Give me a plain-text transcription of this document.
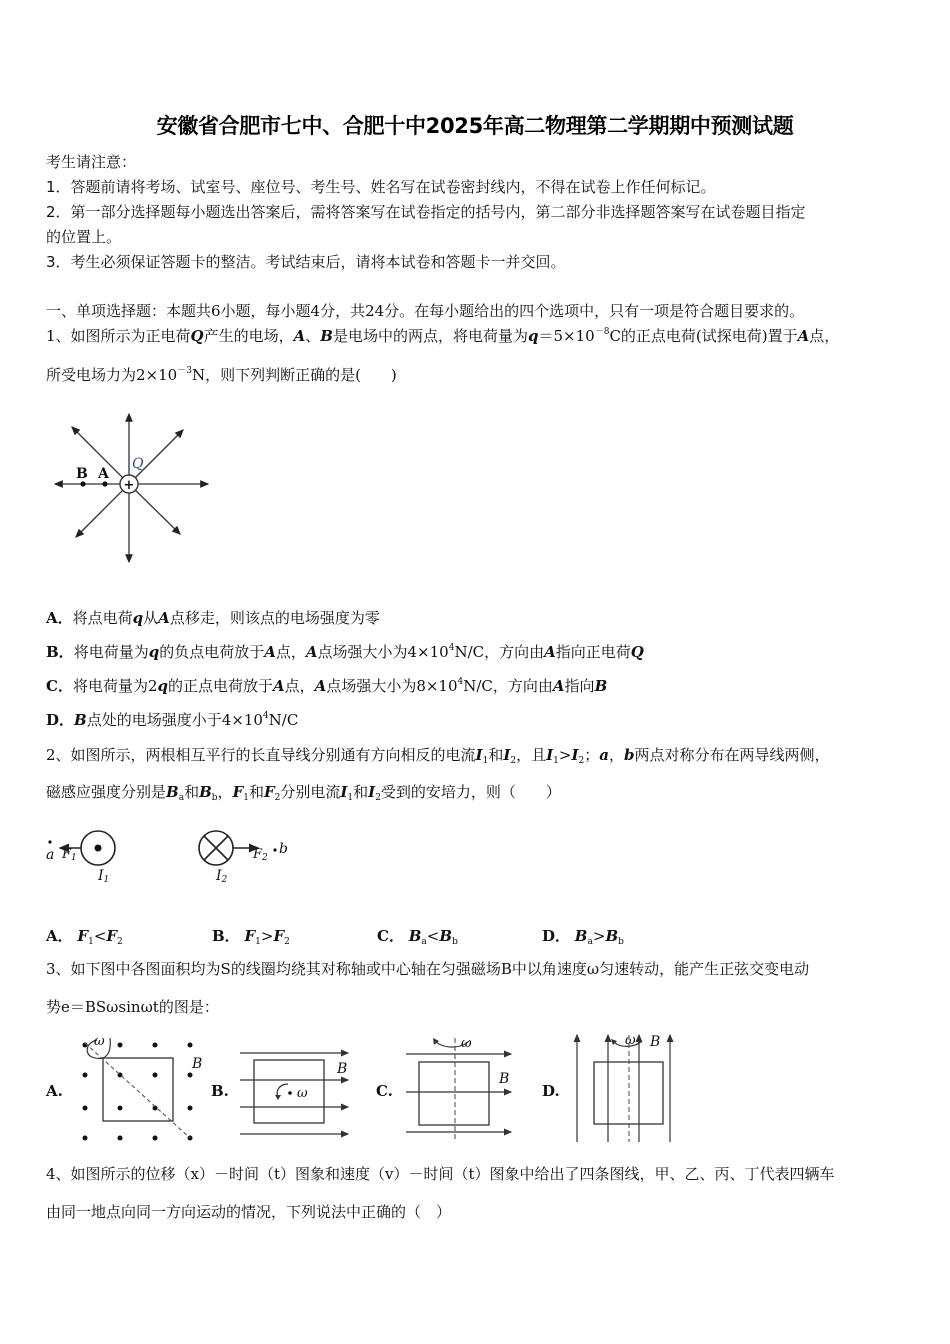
安徽省合肥市七中、合肥十中2025年高二物理第二学期期中预测试题
考生请注意：
1．答题前请将考场、试室号、座位号、考生号、姓名写在试卷密封线内，不得在试卷上作任何标记。
2．第一部分选择题每小题选出答案后，需将答案写在试卷指定的括号内，第二部分非选择题答案写在试卷题目指定
的位置上。
3．考生必须保证答题卡的整洁。考试结束后，请将本试卷和答题卡一并交回。
一、单项选择题：本题共6小题，每小题4分，共24分。在每小题给出的四个选项中，只有一项是符合题目要求的。
1、如图所示为正电荷Q产生的电场，A、B是电场中的两点，将电荷量为$q=5\times 10^{-8}C$的正点电荷(试探电荷)置于A点，
所受电场力为$2\times 10^{-3}N$，则下列判断正确的是(　　)
+
B A
Q
A．将点电荷q从A点移走，则该点的电场强度为零
B．将电荷量为q的负点电荷放于A点，A点场强大小为$4\times 10^4N/C$，方向由A指向正电荷Q
C．将电荷量为2q的正点电荷放于A点，A点场强大小为$8\times 10^4N/C$，方向由A指向B
D．B点处的电场强度小于$4\times 10^4N/C$
2、如图所示，两根相互平行的长直导线分别通有方向相反的电流$I_1$和$I_2$，且$I_1>I_2$；a，b两点对称分布在两导线两侧，
磁感应强度分别是$B_a$和$B_b$，$F_1$和$F_2$分别电流$I_1$和$I_2$受到的安培力，则（　　）
a F1
I1
F2
b
I2
A． $F_1<F_2$	B． $F_1>F_2$	C． $B_a<B_b$	D． $B_a>B_b$
3、如下图中各图面积均为S的线圈均绕其对称轴或中心轴在匀强磁场B中以角速度ω匀速转动，能产生正弦交变电动
势e＝BSωsinωt的图是：
A.
ω
B
B.	ω
B
C.
ω
B
D.
ω B
4、如图所示的位移（x）－时间（t）图象和速度（v）－时间（t）图象中给出了四条图线，甲、乙、丙、丁代表四辆车
由同一地点向同一方向运动的情况，下列说法中正确的（　）
